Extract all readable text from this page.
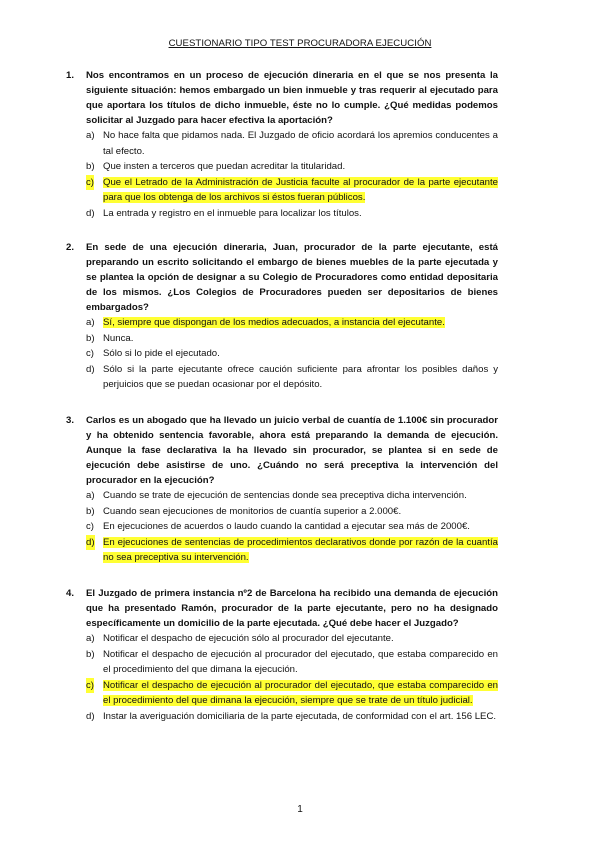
CUESTIONARIO TIPO TEST PROCURADORA EJECUCIÓN
1. Nos encontramos en un proceso de ejecución dineraria en el que se nos presenta la siguiente situación: hemos embargado un bien inmueble y tras requerir al ejecutado para que aportara los títulos de dicho inmueble, éste no lo cumple. ¿Qué medidas podemos solicitar al Juzgado para hacer efectiva la aportación?

a) No hace falta que pidamos nada. El Juzgado de oficio acordará los apremios conducentes a tal efecto.
b) Que insten a terceros que puedan acreditar la titularidad.
c) Que el Letrado de la Administración de Justicia faculte al procurador de la parte ejecutante para que los obtenga de los archivos si éstos fueran públicos.
d) La entrada y registro en el inmueble para localizar los títulos.
2. En sede de una ejecución dineraria, Juan, procurador de la parte ejecutante, está preparando un escrito solicitando el embargo de bienes muebles de la parte ejecutada y se plantea la opción de designar a su Colegio de Procuradores como entidad depositaria de los mismos. ¿Los Colegios de Procuradores pueden ser depositarios de bienes embargados?

a) Sí, siempre que dispongan de los medios adecuados, a instancia del ejecutante.
b) Nunca.
c) Sólo si lo pide el ejecutado.
d) Sólo si la parte ejecutante ofrece caución suficiente para afrontar los posibles daños y perjuicios que se puedan ocasionar por el depósito.
3. Carlos es un abogado que ha llevado un juicio verbal de cuantía de 1.100€ sin procurador y ha obtenido sentencia favorable, ahora está preparando la demanda de ejecución. Aunque la fase declarativa la ha llevado sin procurador, se plantea si en sede de ejecución debe asistirse de uno. ¿Cuándo no será preceptiva la intervención del procurador en la ejecución?

a) Cuando se trate de ejecución de sentencias donde sea preceptiva dicha intervención.
b) Cuando sean ejecuciones de monitorios de cuantía superior a 2.000€.
c) En ejecuciones de acuerdos o laudo cuando la cantidad a ejecutar sea más de 2000€.
d) En ejecuciones de sentencias de procedimientos declarativos donde por razón de la cuantía no sea preceptiva su intervención.
4. El Juzgado de primera instancia nº2 de Barcelona ha recibido una demanda de ejecución que ha presentado Ramón, procurador de la parte ejecutante, pero no ha designado específicamente un domicilio de la parte ejecutada. ¿Qué debe hacer el Juzgado?

a) Notificar el despacho de ejecución sólo al procurador del ejecutante.
b) Notificar el despacho de ejecución al procurador del ejecutado, que estaba comparecido en el procedimiento del que dimana la ejecución.
c) Notificar el despacho de ejecución al procurador del ejecutado, que estaba comparecido en el procedimiento del que dimana la ejecución, siempre que se trate de un título judicial.
d) Instar la averiguación domiciliaria de la parte ejecutada, de conformidad con el art. 156 LEC.
1
